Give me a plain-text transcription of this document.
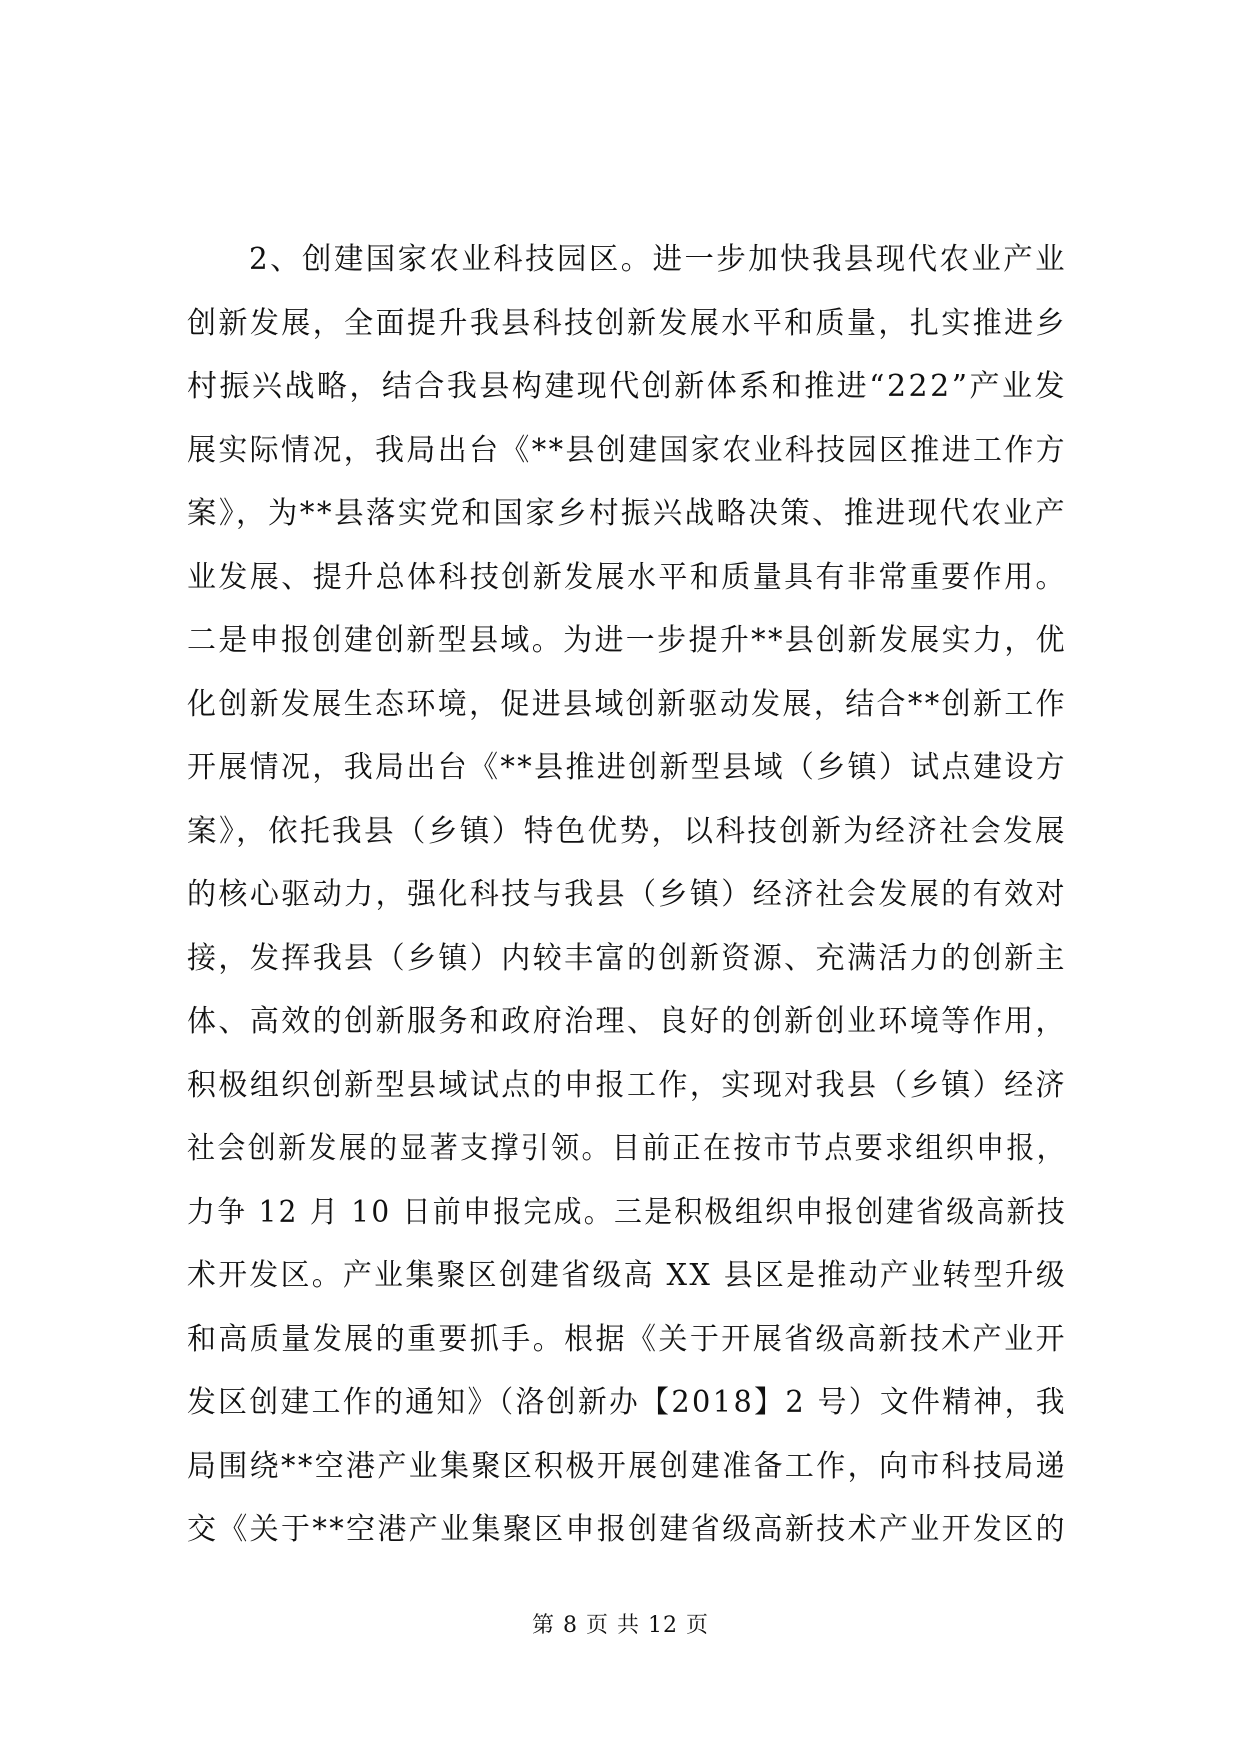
2、创建国家农业科技园区。进一步加快我县现代农业产业
创新发展，全面提升我县科技创新发展水平和质量，扎实推进乡
村振兴战略，结合我县构建现代创新体系和推进“222”产业发
展实际情况，我局出台《**县创建国家农业科技园区推进工作方
案》，为**县落实党和国家乡村振兴战略决策、推进现代农业产
业发展、提升总体科技创新发展水平和质量具有非常重要作用。
二是申报创建创新型县域。为进一步提升**县创新发展实力，优
化创新发展生态环境，促进县域创新驱动发展，结合**创新工作
开展情况，我局出台《**县推进创新型县域（乡镇）试点建设方
案》，依托我县（乡镇）特色优势，以科技创新为经济社会发展
的核心驱动力，强化科技与我县（乡镇）经济社会发展的有效对
接，发挥我县（乡镇）内较丰富的创新资源、充满活力的创新主
体、高效的创新服务和政府治理、良好的创新创业环境等作用，
积极组织创新型县域试点的申报工作，实现对我县（乡镇）经济
社会创新发展的显著支撑引领。目前正在按市节点要求组织申报，
力争 12 月 10 日前申报完成。三是积极组织申报创建省级高新技
术开发区。产业集聚区创建省级高 XX 县区是推动产业转型升级
和高质量发展的重要抓手。根据《关于开展省级高新技术产业开
发区创建工作的通知》（洛创新办【2018】2 号）文件精神，我
局围绕**空港产业集聚区积极开展创建准备工作，向市科技局递
交《关于**空港产业集聚区申报创建省级高新技术产业开发区的
第 8 页 共 12 页
